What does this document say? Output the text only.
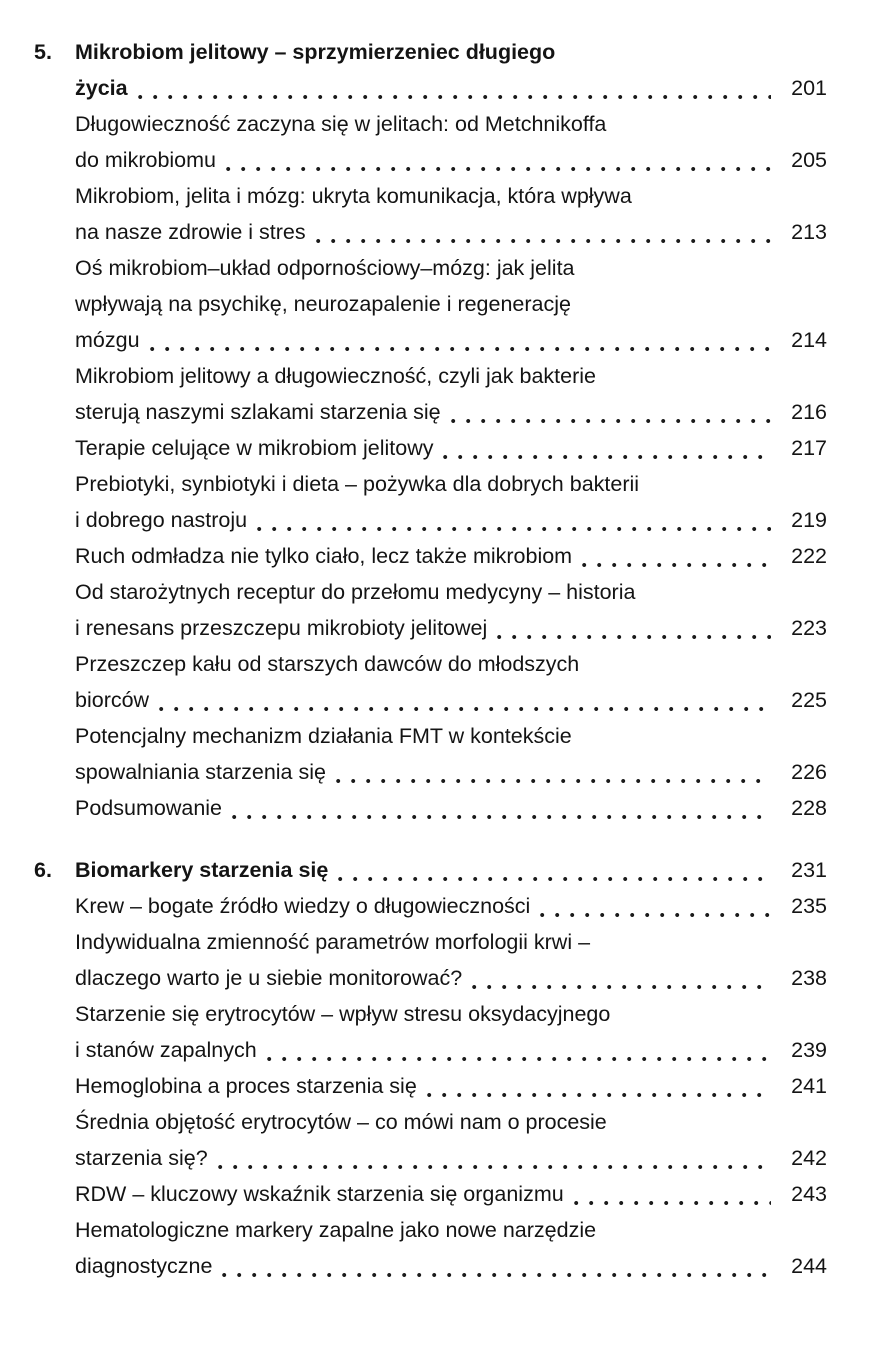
5.	Mikrobiom jelitowy – sprzymierzeniec długiego
życia	201
Długowieczność zaczyna się w jelitach: od Metchnikoffa
do mikrobiomu	205
Mikrobiom, jelita i mózg: ukryta komunikacja, która wpływa
na nasze zdrowie i stres	213
Oś mikrobiom–układ odpornościowy–mózg: jak jelita
wpływają na psychikę, neurozapalenie i regenerację
mózgu	214
Mikrobiom jelitowy a długowieczność, czyli jak bakterie
sterują naszymi szlakami starzenia się	216
Terapie celujące w mikrobiom jelitowy	217
Prebiotyki, synbiotyki i dieta – pożywka dla dobrych bakterii
i dobrego nastroju	219
Ruch odmładza nie tylko ciało, lecz także mikrobiom	222
Od starożytnych receptur do przełomu medycyny – historia
i renesans przeszczepu mikrobioty jelitowej	223
Przeszczep kału od starszych dawców do młodszych
biorców	225
Potencjalny mechanizm działania FMT w kontekście
spowalniania starzenia się	226
Podsumowanie	228
6.	Biomarkery starzenia się	231
Krew – bogate źródło wiedzy o długowieczności	235
Indywidualna zmienność parametrów morfologii krwi –
dlaczego warto je u siebie monitorować?	238
Starzenie się erytrocytów – wpływ stresu oksydacyjnego
i stanów zapalnych	239
Hemoglobina a proces starzenia się	241
Średnia objętość erytrocytów – co mówi nam o procesie
starzenia się?	242
RDW – kluczowy wskaźnik starzenia się organizmu	243
Hematologiczne markery zapalne jako nowe narzędzie
diagnostyczne	244
